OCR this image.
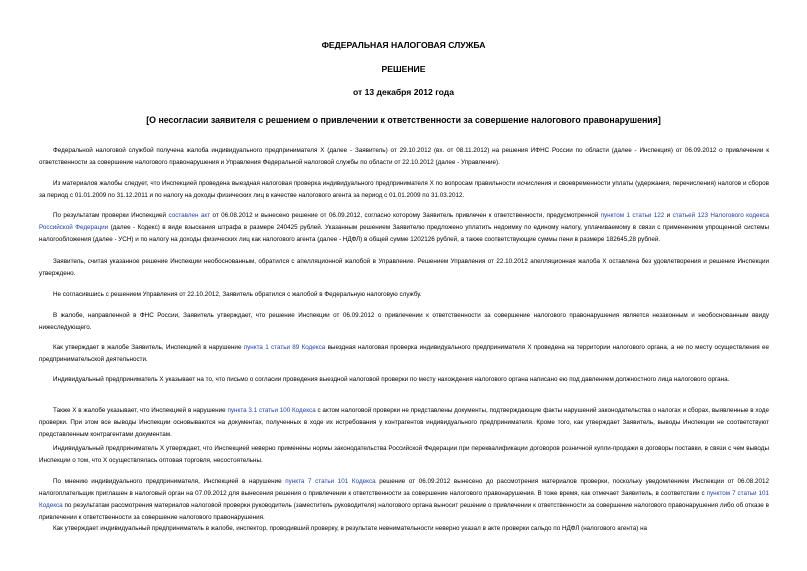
ФЕДЕРАЛЬНАЯ НАЛОГОВАЯ СЛУЖБА
РЕШЕНИЕ
от 13 декабря 2012 года
[О несогласии заявителя с решением о привлечении к ответственности за совершение налогового правонарушения]

Федеральной налоговой службой получена жалоба индивидуального предпринимателя Х (далее - Заявитель) от 29.10.2012 (вх. от 08.11.2012) на решения ИФНС России по области (далее - Инспекция) от 06.09.2012 о привлечении к ответственности за совершение налогового правонарушения и Управления Федеральной налоговой службы по области от 22.10.2012 (далее - Управление).

Из материалов жалобы следует, что Инспекцией проведена выездная налоговая проверка индивидуального предпринимателя Х по вопросам правильности исчисления и своевременности уплаты (удержания, перечисления) налогов и сборов за период с 01.01.2009 по 31.12.2011 и по налогу на доходы физических лиц в качестве налогового агента за период с 01.01.2009 по 31.03.2012.

По результатам проверки Инспекцией составлен акт от 06.08.2012 и вынесено решение от 06.09.2012, согласно которому Заявитель привлечен к ответственности, предусмотренной пунктом 1 статьи 122 и статьей 123 Налогового кодекса Российской Федерации (далее - Кодекс) в виде взыскания штрафа в размере 240425 рублей. Указанным решением Заявителю предложено уплатить недоимку по единому налогу, уплачиваемому в связи с применением упрощенной системы налогообложения (далее - УСН) и по налогу на доходы физических лиц как налогового агента (далее - НДФЛ) в общей сумме 1202126 рублей, а также соответствующие суммы пени в размере 182645,28 рублей.

Заявитель, считая указанное решение Инспекции необоснованным, обратился с апелляционной жалобой в Управление. Решением Управления от 22.10.2012 апелляционная жалоба Х оставлена без удовлетворения и решение Инспекции утверждено.

Не согласившись с решением Управления от 22.10.2012, Заявитель обратился с жалобой в Федеральную налоговую службу.

В жалобе, направленной в ФНС России, Заявитель утверждает, что решение Инспекции от 06.09.2012 о привлечении к ответственности за совершение налогового правонарушения является незаконным и необоснованным ввиду нижеследующего.

Как утверждает в жалобе Заявитель, Инспекцией в нарушение пункта 1 статьи 89 Кодекса выездная налоговая проверка индивидуального предпринимателя Х проведена на территории налогового органа, а не по месту осуществления ее предпринимательской деятельности.

Индивидуальный предприниматель Х указывает на то, что письмо о согласии проведения выездной налоговой проверки по месту нахождения налогового органа написано ею под давлением должностного лица налогового органа.

Также Х в жалобе указывает, что Инспекцией в нарушение пункта 3.1 статьи 100 Кодекса с актом налоговой проверки не представлены документы, подтверждающие факты нарушений законодательства о налогах и сборах, выявленные в ходе проверки. При этом все выводы Инспекции основываются на документах, полученных в ходе их истребования у контрагентов индивидуального предпринимателя. Кроме того, как утверждает Заявитель, выводы Инспекции не соответствуют представленным контрагентами документам.

Индивидуальный предприниматель Х утверждает, что Инспекцией неверно применены нормы законодательства Российской Федерации при переквалификации договоров розничной купли-продажи в договоры поставки, в связи с чем выводы Инспекции о том, что Х осуществлялась оптовая торговля, несостоятельны.

По мнению индивидуального предпринимателя, Инспекцией в нарушение пункта 7 статьи 101 Кодекса решение от 06.09.2012 вынесено до рассмотрения материалов проверки, поскольку уведомлением Инспекции от 06.08.2012 налогоплательщик приглашен в налоговый орган на 07.09.2012 для вынесения решения о привлечении к ответственности за совершение налогового правонарушения. В тоже время, как отмечает Заявитель, в соответствии с пунктом 7 статьи 101 Кодекса по результатам рассмотрения материалов налоговой проверки руководитель (заместитель руководителя) налогового органа выносит решение о привлечении к ответственности за совершение налогового правонарушения либо об отказе в привлечении к ответственности за совершение налогового правонарушения.

Как утверждает индивидуальный предприниматель в жалобе, инспектор, проводивший проверку, в результате невнимательности неверно указал в акте проверки сальдо по НДФЛ (налогового агента) на
